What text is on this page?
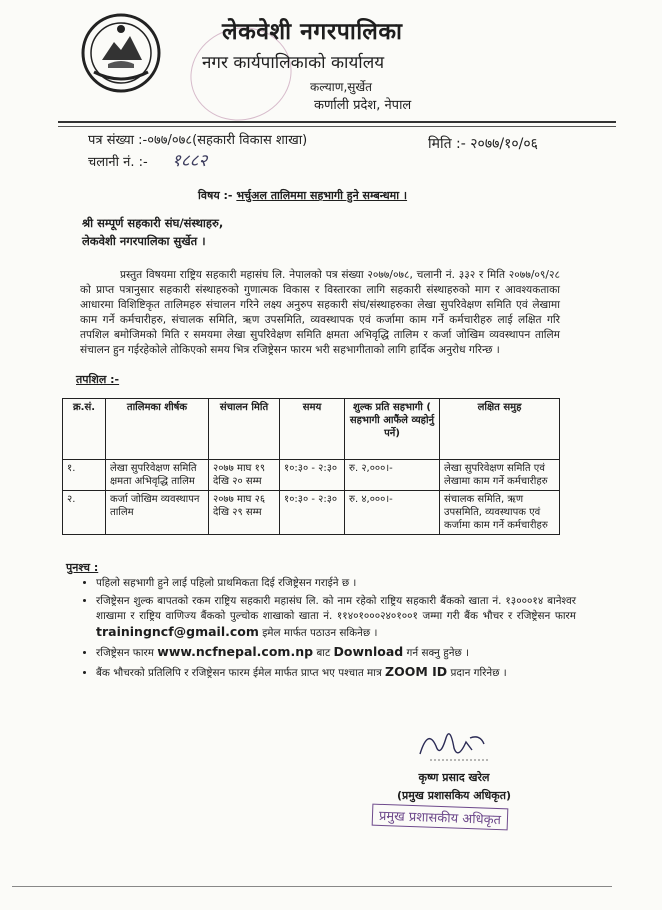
लेकवेशी नगरपालिका
नगर कार्यपालिकाको कार्यालय
कल्याण,सुर्खेत
कर्णाली प्रदेश, नेपाल
पत्र संख्या :-०७७/०७८(सहकारी विकास शाखा)
चलानी नं. :- १८८२
मिति :- २०७७/१०/०६
विषय :- भर्चुअल तालिममा सहभागी हुने सम्बन्धमा ।
श्री सम्पूर्ण सहकारी संघ/संस्थाहरु,
लेकवेशी नगरपालिका सुर्खेत ।
प्रस्तुत विषयमा राष्ट्रिय सहकारी महासंघ लि. नेपालको पत्र संख्या २०७७/०७८, चलानी नं. ३३२ र मिति २०७७/०९/२८ को प्राप्त पत्रानुसार सहकारी संस्थाहरुको गुणात्मक विकास र विस्तारका लागि सहकारी संस्थाहरुको माग र आवश्यकताका आधारमा विशिष्टिकृत तालिमहरु संचालन गरिने लक्ष्य अनुरुप सहकारी संघ/संस्थाहरुका लेखा सुपरिवेक्षण समिति एवं लेखामा काम गर्ने कर्मचारीहरु, संचालक समिति, ऋण उपसमिति, व्यवस्थापक एवं कर्जामा काम गर्ने कर्मचारीहरु लाई लक्षित गरि तपशिल बमोजिमको मिति र समयमा लेखा सुपरिवेक्षण समिति क्षमता अभिवृद्धि तालिम र कर्जा जोखिम व्यवस्थापन तालिम संचालन हुन गईरहेकोले तोकिएको समय भित्र रजिष्ट्रेसन फारम भरी सहभागीताको लागि हार्दिक अनुरोध गरिन्छ ।
तपशिल :-
क्र.सं.	तालिमका शीर्षक	संचालन मिति	समय	शुल्क प्रति सहभागी ( सहभागी आफैंले व्यहोर्नु पर्ने)	लक्षित समुह
१.	लेखा सुपरिवेक्षण समिति क्षमता अभिवृद्धि तालिम	२०७७ माघ १९ देखि २० सम्म	१०:३० - २:३०	रु. २,०००।-	लेखा सुपरिवेक्षण समिति एवं लेखामा काम गर्ने कर्मचारीहरु
२.	कर्जा जोखिम व्यवस्थापन तालिम	२०७७ माघ २६ देखि २९ सम्म	१०:३० - २:३०	रु. ४,०००।-	संचालक समिति, ऋण उपसमिति, व्यवस्थापक एवं कर्जामा काम गर्ने कर्मचारीहरु
पुनश्च :
• पहिलो सहभागी हुने लाई पहिलो प्राथमिकता दिई रजिष्ट्रेसन गराईने छ ।
• रजिष्ट्रेसन शुल्क बापतको रकम राष्ट्रिय सहकारी महासंघ लि. को नाम रहेको राष्ट्रिय सहकारी बैंकको खाता नं. १३०००१४ बानेश्वर शाखामा र राष्ट्रिय वाणिज्य बैंकको पुल्चोक शाखाको खाता नं. ११४०१०००२४०१००१ जम्मा गरी बैंक भौचर र रजिष्ट्रेसन फारम trainingncf@gmail.com इमेल मार्फत पठाउन सकिनेछ ।
• रजिष्ट्रेसन फारम www.ncfnepal.com.np बाट Download गर्न सक्नु हुनेछ ।
• बैंक भौचरको प्रतिलिपि र रजिष्ट्रेसन फारम ईमेल मार्फत प्राप्त भए पश्चात मात्र ZOOM ID प्रदान गरिनेछ ।
कृष्ण प्रसाद खरेल
(प्रमुख प्रशासकिय अधिकृत)
प्रमुख प्रशासकीय अधिकृत
